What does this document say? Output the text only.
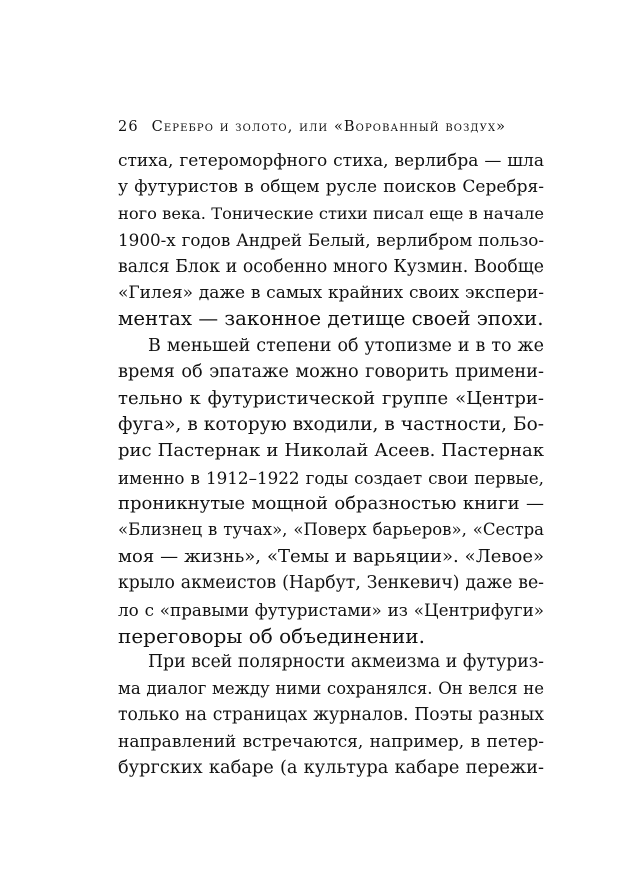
26 Серебро и золото, или «Ворованный воздух»
стиха, гетероморфного стиха, верлибра — шла
у футуристов в общем русле поисков Серебря-
ного века. Тонические стихи писал еще в начале
1900-х годов Андрей Белый, верлибром пользо-
вался Блок и особенно много Кузмин. Вообще
«Гилея» даже в самых крайних своих экспери-
ментах — законное детище своей эпохи.
В меньшей степени об утопизме и в то же
время об эпатаже можно говорить примени-
тельно к футуристической группе «Центри-
фуга», в которую входили, в частности, Бо-
рис Пастернак и Николай Асеев. Пастернак
именно в 1912–1922 годы создает свои первые,
проникнутые мощной образностью книги —
«Близнец в тучах», «Поверх барьеров», «Сестра
моя — жизнь», «Темы и варьяции». «Левое»
крыло акмеистов (Нарбут, Зенкевич) даже ве-
ло с «правыми футуристами» из «Центрифуги»
переговоры об объединении.
При всей полярности акмеизма и футуриз-
ма диалог между ними сохранялся. Он велся не
только на страницах журналов. Поэты разных
направлений встречаются, например, в петер-
бургских кабаре (а культура кабаре пережи-
